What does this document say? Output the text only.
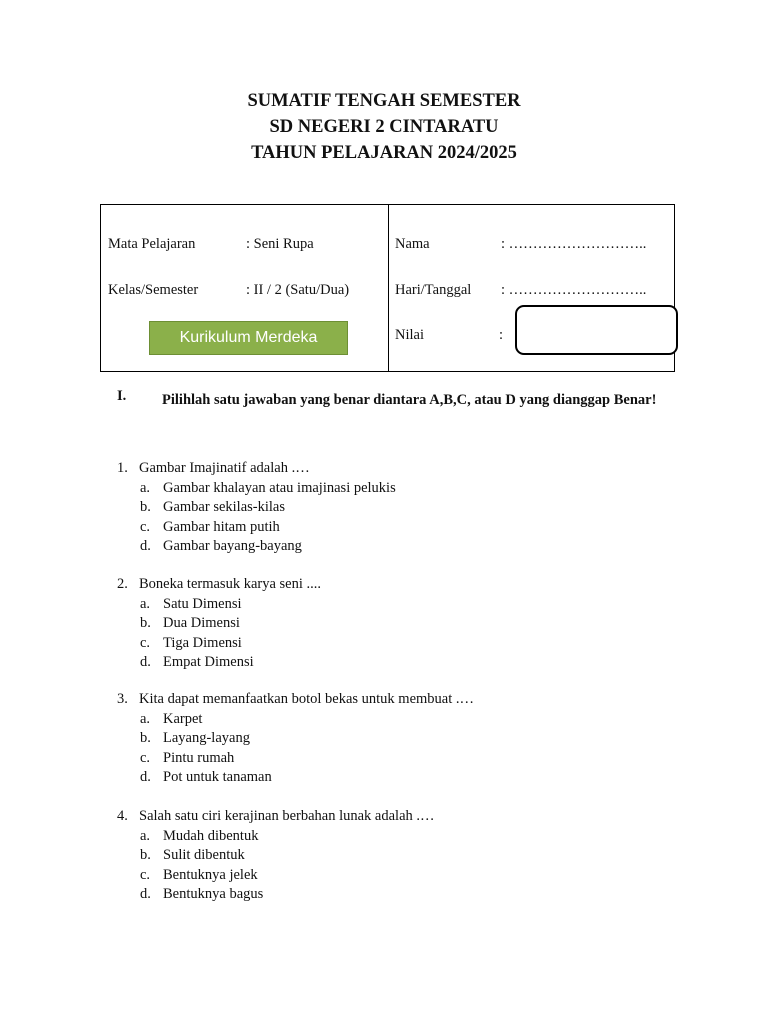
SUMATIF TENGAH SEMESTER
SD NEGERI 2 CINTARATU
TAHUN PELAJARAN 2024/2025
Mata Pelajaran	: Seni Rupa
Kelas/Semester	: II / 2 (Satu/Dua)
Kurikulum Merdeka
Nama	: ………………………..
Hari/Tanggal : ………………………..
Nilai	:
I. Pilihlah satu jawaban yang benar diantara A,B,C, atau D yang dianggap Benar!
1. Gambar Imajinatif adalah .…
a. Gambar khalayan atau imajinasi pelukis
b. Gambar sekilas-kilas
c. Gambar hitam putih
d. Gambar bayang-bayang
2. Boneka termasuk karya seni ....
a. Satu Dimensi
b. Dua Dimensi
c. Tiga Dimensi
d. Empat Dimensi
3. Kita dapat memanfaatkan botol bekas untuk membuat .…
a. Karpet
b. Layang-layang
c. Pintu rumah
d. Pot untuk tanaman
4. Salah satu ciri kerajinan berbahan lunak adalah .…
a. Mudah dibentuk
b. Sulit dibentuk
c. Bentuknya jelek
d. Bentuknya bagus
